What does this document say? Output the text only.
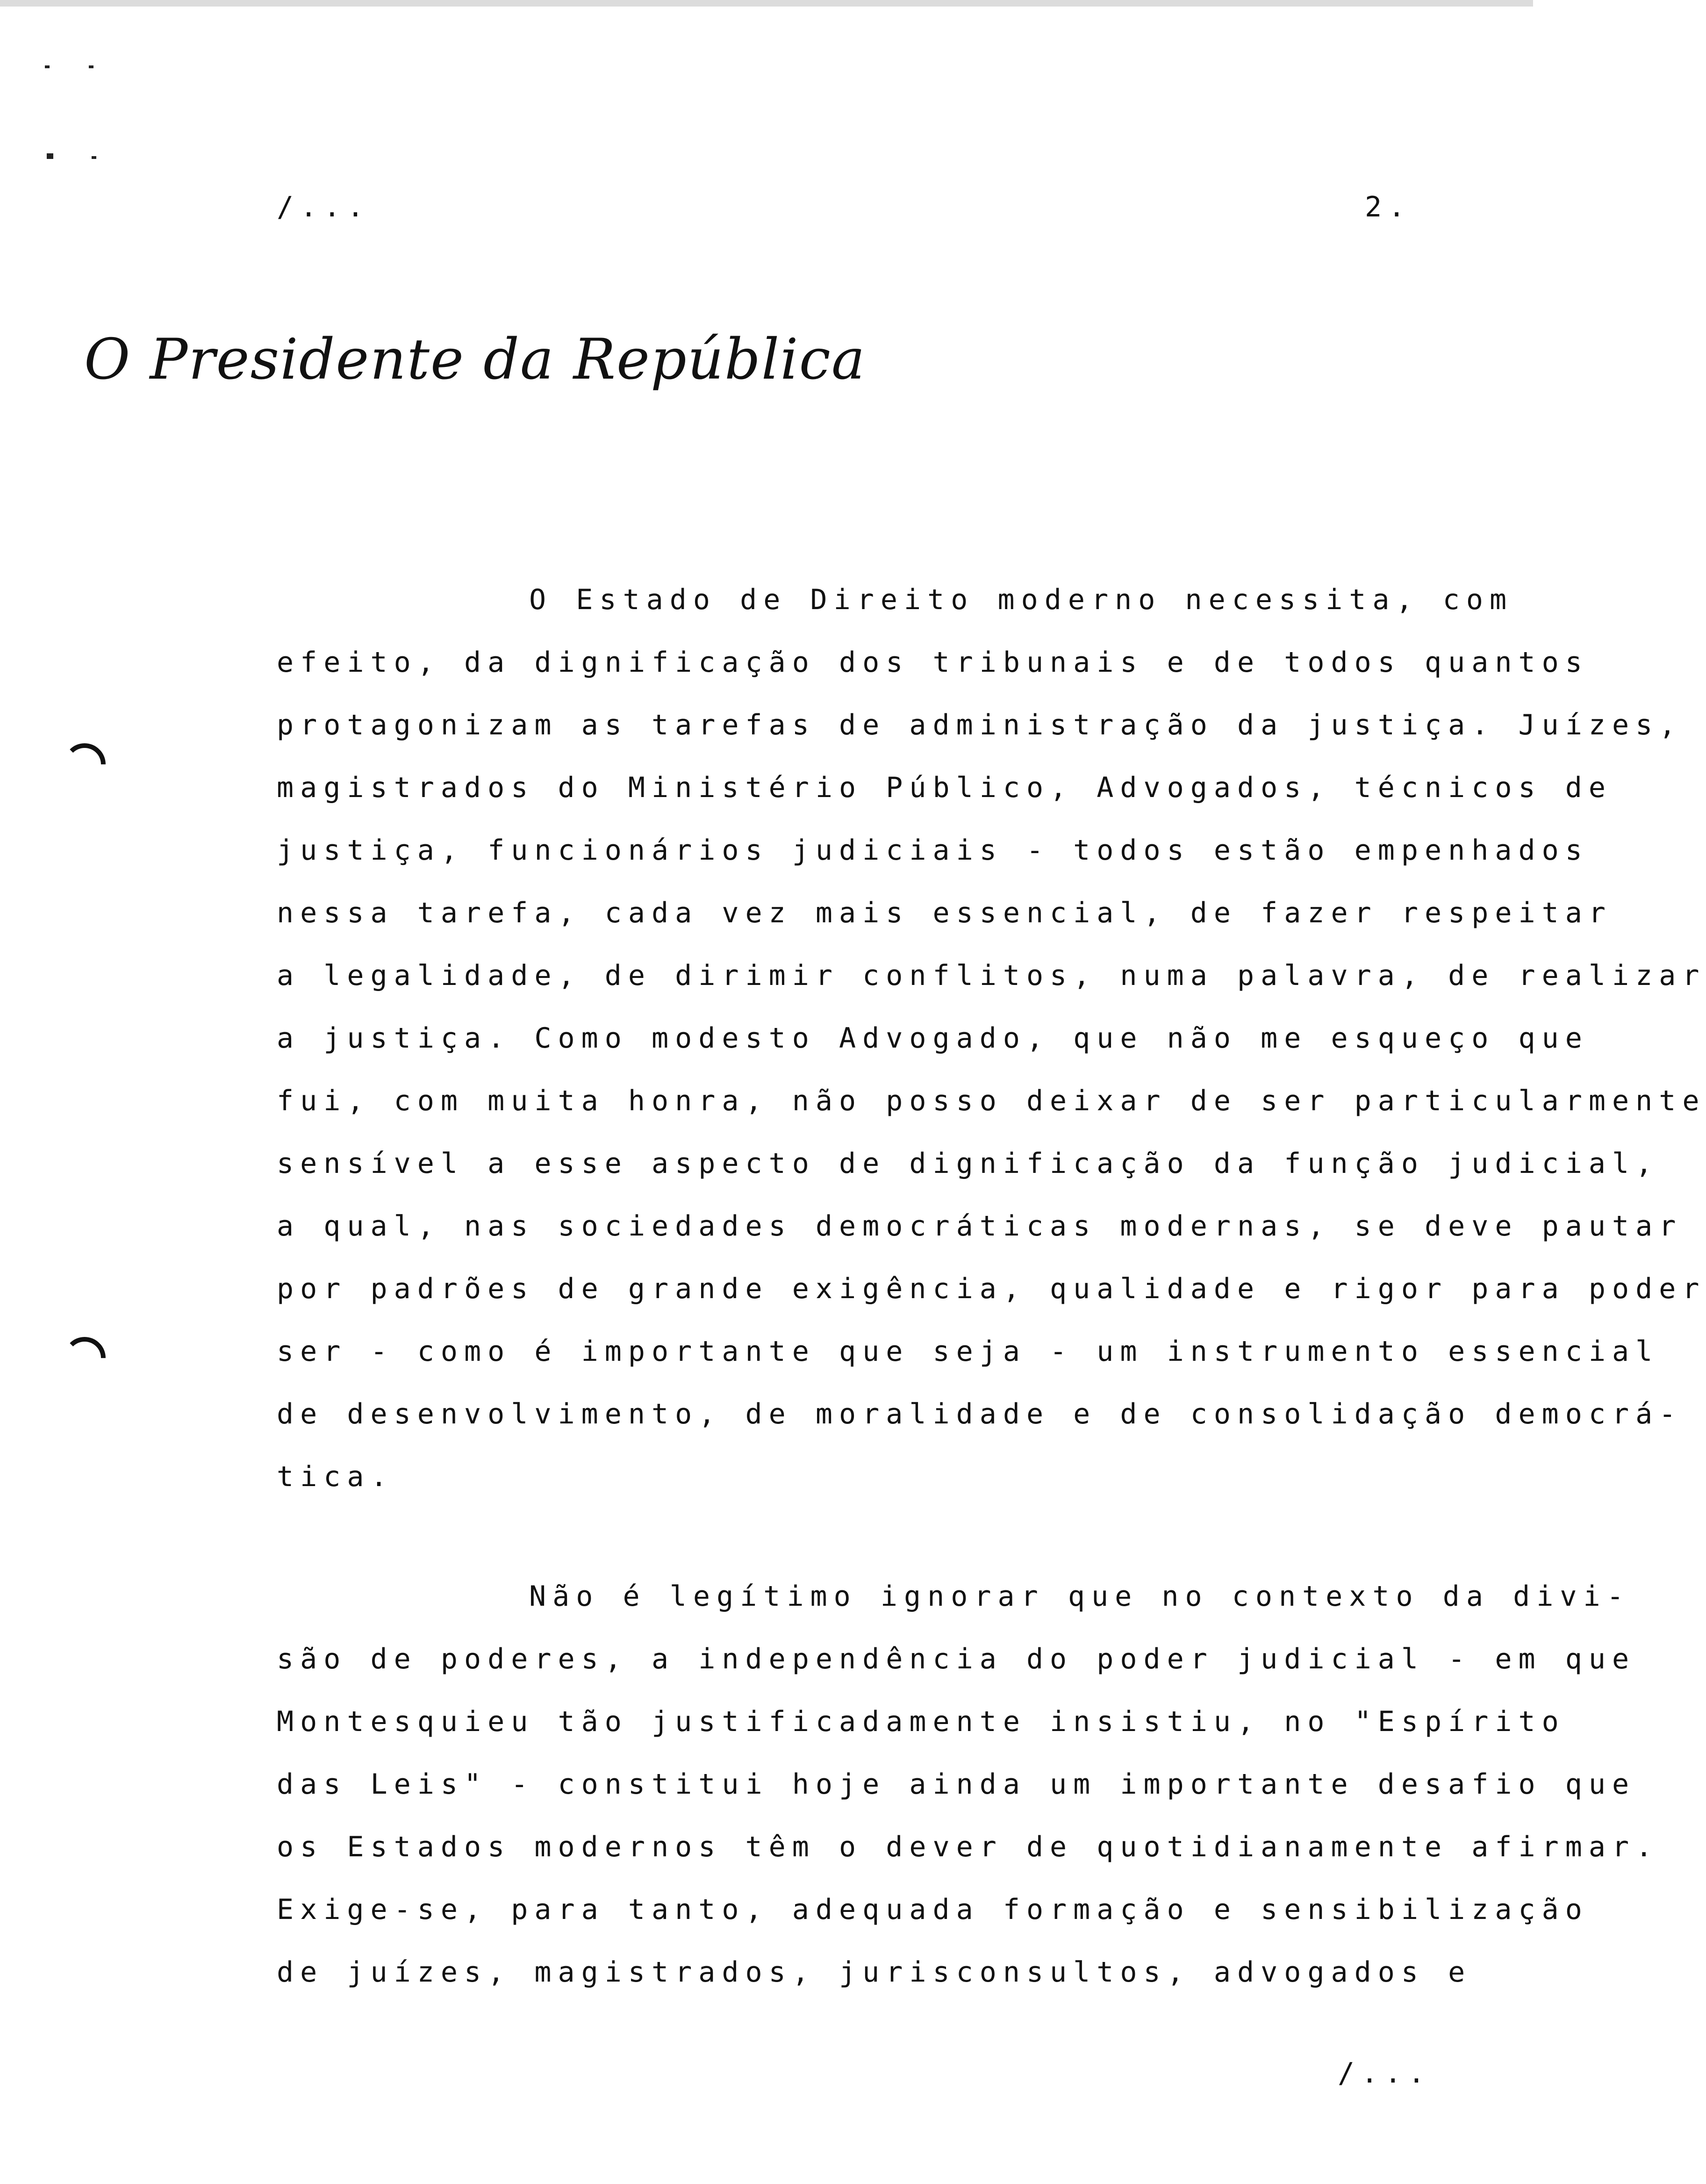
/...	2.
O Presidente da República
O Estado de Direito moderno necessita, com
efeito, da dignificação dos tribunais e de todos quantos
protagonizam as tarefas de administração da justiça. Juízes,
magistrados do Ministério Público, Advogados, técnicos de
justiça, funcionários judiciais - todos estão empenhados
nessa tarefa, cada vez mais essencial, de fazer respeitar
a legalidade, de dirimir conflitos, numa palavra, de realizar
a justiça. Como modesto Advogado, que não me esqueço que
fui, com muita honra, não posso deixar de ser particularmente
sensível a esse aspecto de dignificação da função judicial,
a qual, nas sociedades democráticas modernas, se deve pautar
por padrões de grande exigência, qualidade e rigor para poder
ser - como é importante que seja - um instrumento essencial
de desenvolvimento, de moralidade e de consolidação democrá-
tica.
Não é legítimo ignorar que no contexto da divi-
são de poderes, a independência do poder judicial - em que
Montesquieu tão justificadamente insistiu, no "Espírito
das Leis" - constitui hoje ainda um importante desafio que
os Estados modernos têm o dever de quotidianamente afirmar.
Exige-se, para tanto, adequada formação e sensibilização
de juízes, magistrados, jurisconsultos, advogados e
/...
